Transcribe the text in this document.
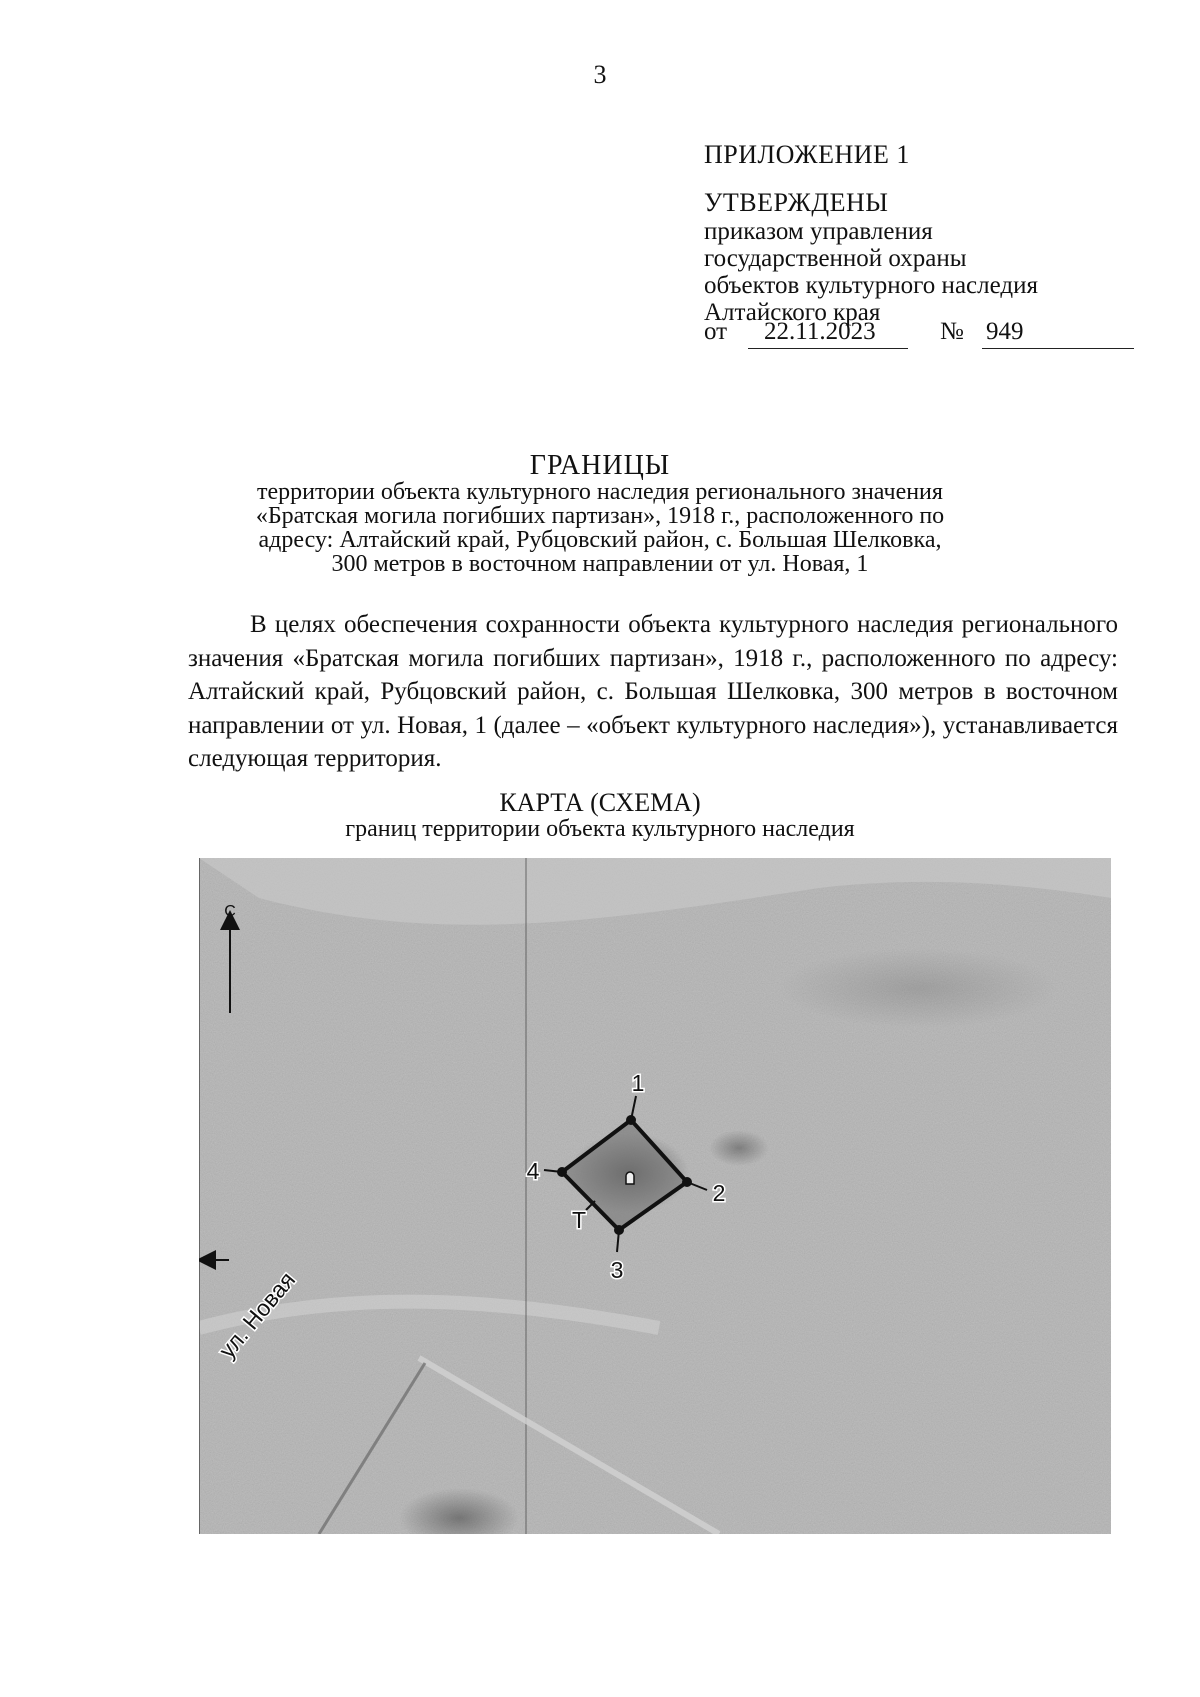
3
ПРИЛОЖЕНИЕ 1
УТВЕРЖДЕНЫ
приказом управления
государственной охраны
объектов культурного наследия
Алтайского края
от 22.11.2023	№ 949
ГРАНИЦЫ
территории объекта культурного наследия регионального значения
«Братская могила погибших партизан», 1918 г., расположенного по
адресу: Алтайский край, Рубцовский район, с. Большая Шелковка,
300 метров в восточном направлении от ул. Новая, 1
В целях обеспечения сохранности объекта культурного наследия регионального значения «Братская могила погибших партизан», 1918 г., расположенного по адресу: Алтайский край, Рубцовский район, с. Большая Шелковка, 300 метров в восточном направлении от ул. Новая, 1 (далее – «объект культурного наследия»), устанавливается следующая территория.
КАРТА (СХЕМА)
границ территории объекта культурного наследия
С
ул. Новая
1
2
3
4
Т
